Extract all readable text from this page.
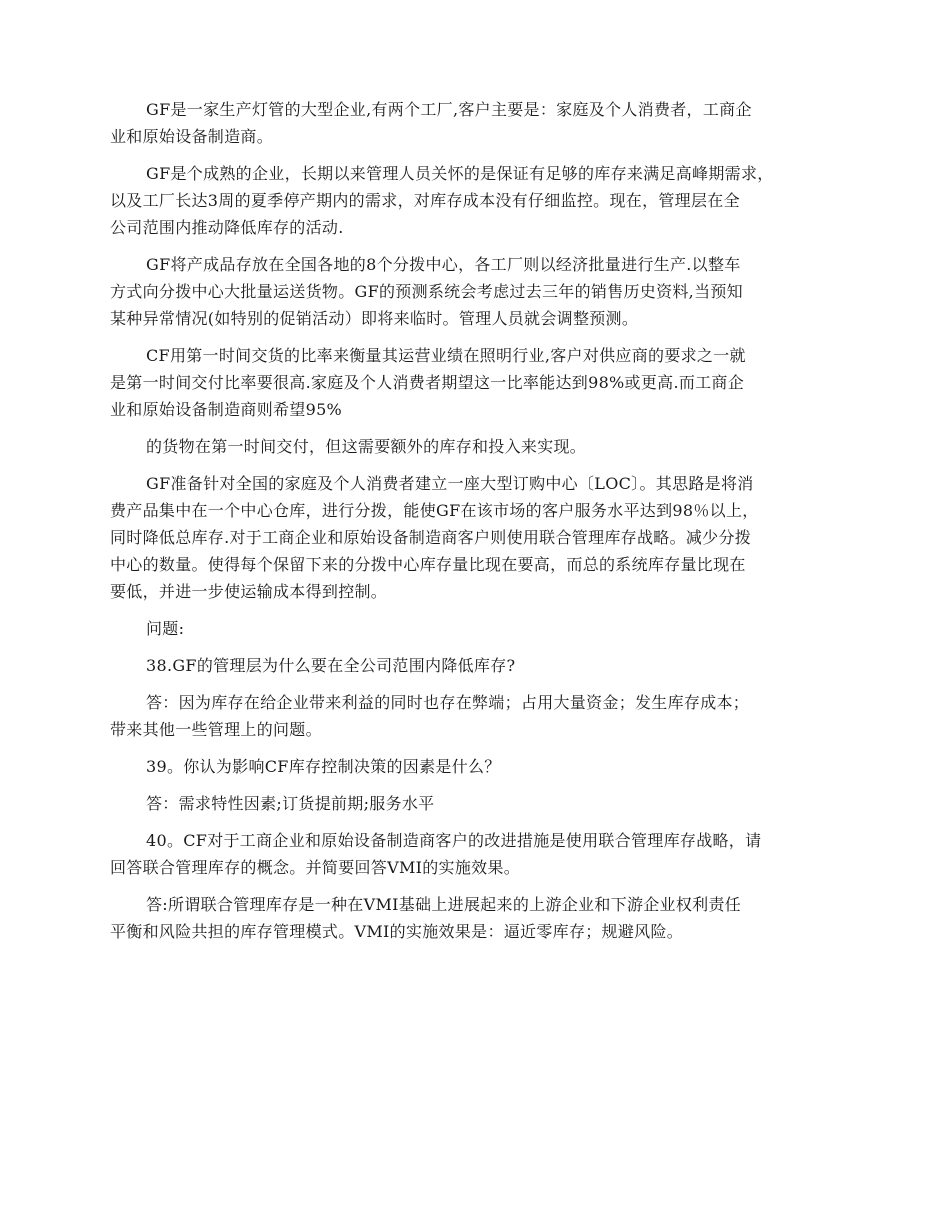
GF是一家生产灯管的大型企业,有两个工厂,客户主要是：家庭及个人消费者，工商企
业和原始设备制造商。
GF是个成熟的企业，长期以来管理人员关怀的是保证有足够的库存来满足高峰期需求，
以及工厂长达3周的夏季停产期内的需求，对库存成本没有仔细监控。现在，管理层在全
公司范围内推动降低库存的活动.
GF将产成品存放在全国各地的8个分拨中心，各工厂则以经济批量进行生产.以整车
方式向分拨中心大批量运送货物。GF的预测系统会考虑过去三年的销售历史资料,当预知
某种异常情况(如特别的促销活动）即将来临时。管理人员就会调整预测。
CF用第一时间交货的比率来衡量其运营业绩在照明行业,客户对供应商的要求之一就
是第一时间交付比率要很高.家庭及个人消费者期望这一比率能达到98%或更高.而工商企
业和原始设备制造商则希望95%
的货物在第一时间交付，但这需要额外的库存和投入来实现。
GF准备针对全国的家庭及个人消费者建立一座大型订购中心〔LOC〕。其思路是将消
费产品集中在一个中心仓库，进行分拨，能使GF在该市场的客户服务水平达到98％以上，
同时降低总库存.对于工商企业和原始设备制造商客户则使用联合管理库存战略。减少分拨
中心的数量。使得每个保留下来的分拨中心库存量比现在要高，而总的系统库存量比现在
要低，并进一步使运输成本得到控制。
问题:
38.GF的管理层为什么要在全公司范围内降低库存?
答：因为库存在给企业带来利益的同时也存在弊端；占用大量资金；发生库存成本；
带来其他一些管理上的问题。
39。你认为影响CF库存控制决策的因素是什么？
答：需求特性因素;订货提前期;服务水平
40。CF对于工商企业和原始设备制造商客户的改进措施是使用联合管理库存战略，请
回答联合管理库存的概念。并简要回答VMI的实施效果。
答:所谓联合管理库存是一种在VMI基础上进展起来的上游企业和下游企业权利责任
平衡和风险共担的库存管理模式。VMI的实施效果是：逼近零库存；规避风险。
